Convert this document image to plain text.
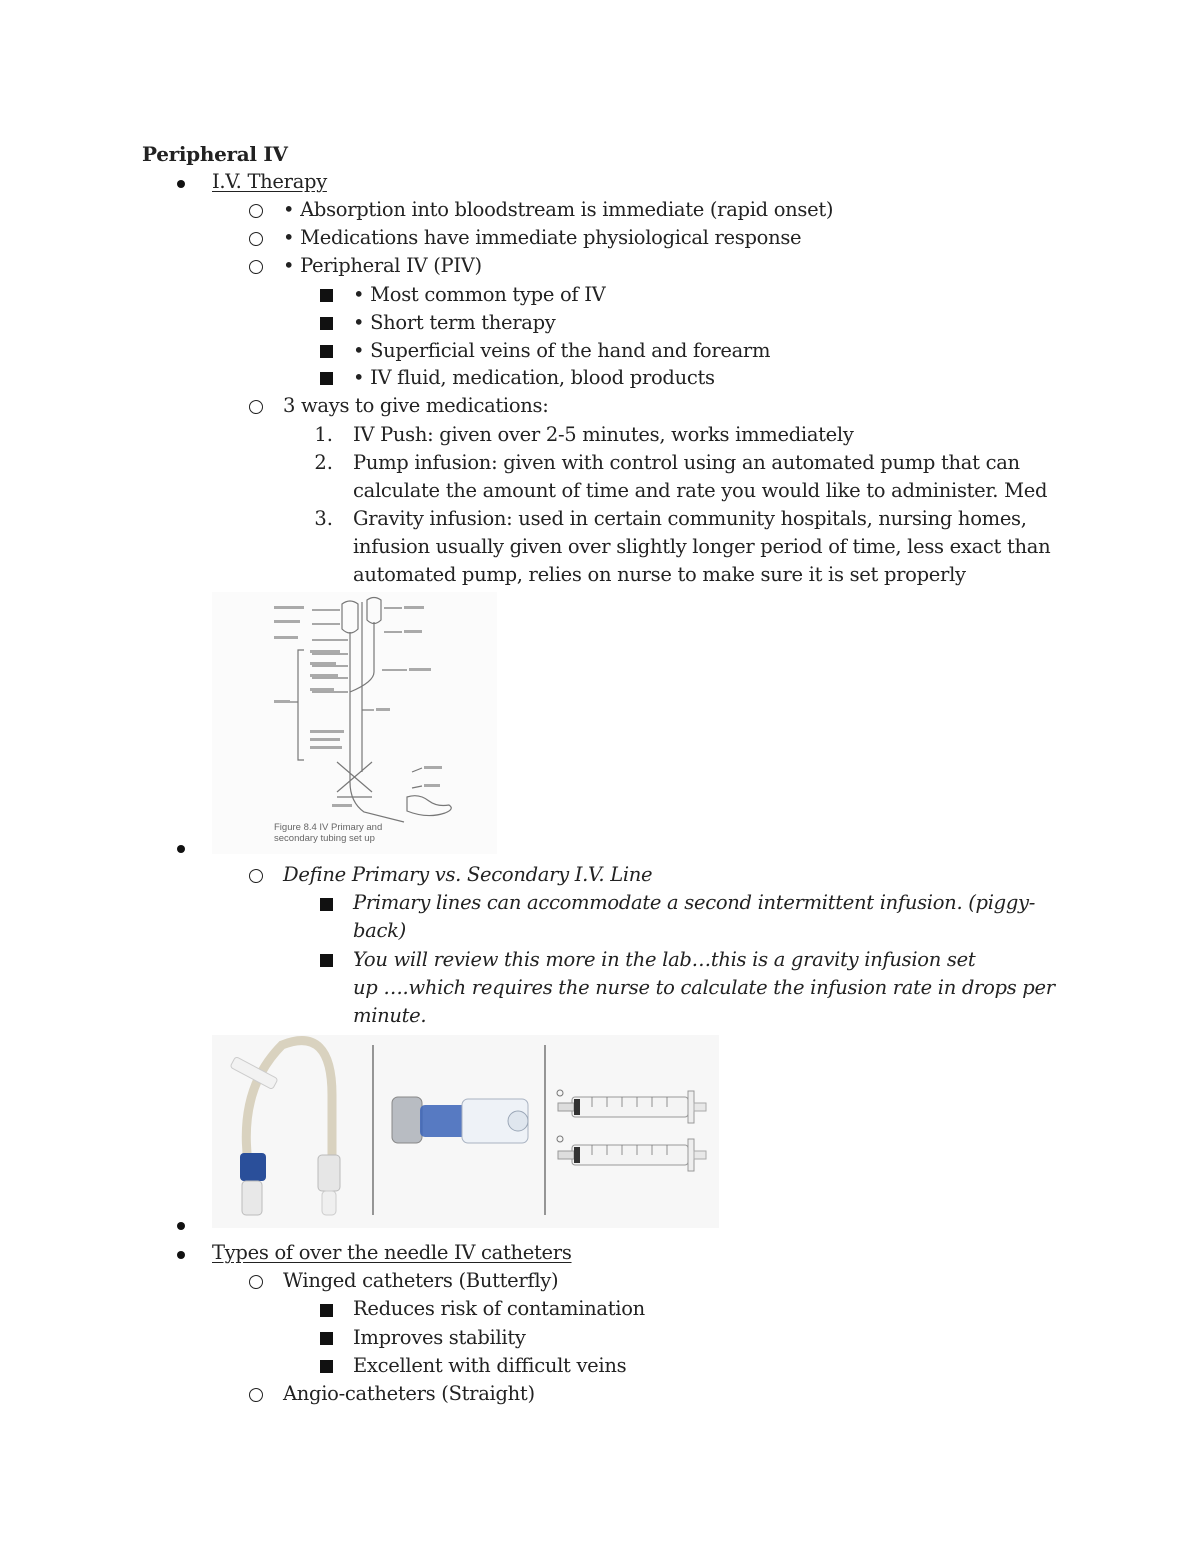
Peripheral IV
I.V. Therapy
• Absorption into bloodstream is immediate (rapid onset)
• Medications have immediate physiological response
• Peripheral IV (PIV)
• Most common type of IV
• Short term therapy
• Superficial veins of the hand and forearm
• IV fluid, medication, blood products
3 ways to give medications:
1. IV Push: given over 2-5 minutes, works immediately
2. Pump infusion: given with control using an automated pump that can
calculate the amount of time and rate you would like to administer. Med
3. Gravity infusion: used in certain community hospitals, nursing homes,
infusion usually given over slightly longer period of time, less exact than
automated pump, relies on nurse to make sure it is set properly
Figure 8.4 IV Primary and
secondary tubing set up
Define Primary vs. Secondary I.V. Line
Primary lines can accommodate a second intermittent infusion. (piggy-
back)
You will review this more in the lab…this is a gravity infusion set
up ….which requires the nurse to calculate the infusion rate in drops per
minute.
Types of over the needle IV catheters
Winged catheters (Butterfly)
Reduces risk of contamination
Improves stability
Excellent with difficult veins
Angio-catheters (Straight)
